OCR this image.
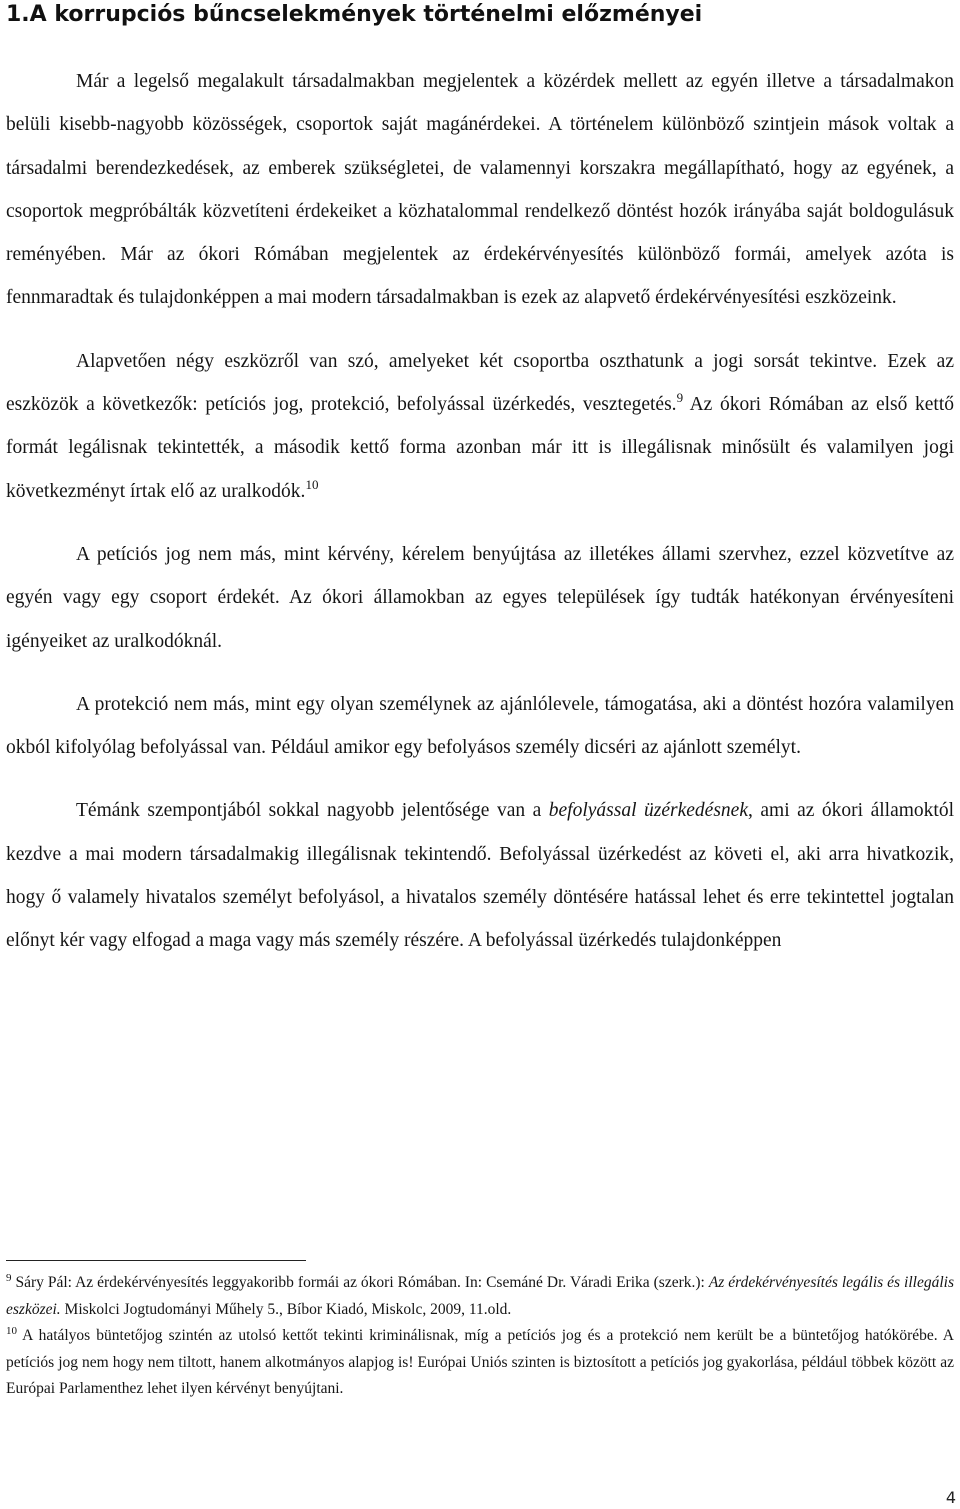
1.A korrupciós bűncselekmények történelmi előzményei

Már a legelső megalakult társadalmakban megjelentek a közérdek mellett az egyén illetve a társadalmakon belüli kisebb-nagyobb közösségek, csoportok saját magánérdekei. A történelem különböző szintjein mások voltak a társadalmi berendezkedések, az emberek szükségletei, de valamennyi korszakra megállapítható, hogy az egyének, a csoportok megpróbálták közvetíteni érdekeiket a közhatalommal rendelkező döntést hozók irányába saját boldogulásuk reményében. Már az ókori Rómában megjelentek az érdekérvényesítés különböző formái, amelyek azóta is fennmaradtak és tulajdonképpen a mai modern társadalmakban is ezek az alapvető érdekérvényesítési eszközeink.

Alapvetően négy eszközről van szó, amelyeket két csoportba oszthatunk a jogi sorsát tekintve. Ezek az eszközök a következők: petíciós jog, protekció, befolyással üzérkedés, vesztegetés.$^9$ Az ókori Rómában az első kettő formát legálisnak tekintették, a második kettő forma azonban már itt is illegálisnak minősült és valamilyen jogi következményt írtak elő az uralkodók.$^{10}$

A petíciós jog nem más, mint kérvény, kérelem benyújtása az illetékes állami szervhez, ezzel közvetítve az egyén vagy egy csoport érdekét. Az ókori államokban az egyes települések így tudták hatékonyan érvényesíteni igényeiket az uralkodóknál.

A protekció nem más, mint egy olyan személynek az ajánlólevele, támogatása, aki a döntést hozóra valamilyen okból kifolyólag befolyással van. Például amikor egy befolyásos személy dicséri az ajánlott személyt.

Témánk szempontjából sokkal nagyobb jelentősége van a befolyással üzérkedésnek, ami az ókori államoktól kezdve a mai modern társadalmakig illegálisnak tekintendő. Befolyással üzérkedést az követi el, aki arra hivatkozik, hogy ő valamely hivatalos személyt befolyásol, a hivatalos személy döntésére hatással lehet és erre tekintettel jogtalan előnyt kér vagy elfogad a maga vagy más személy részére. A befolyással üzérkedés tulajdonképpen

$^9$ Sáry Pál: Az érdekérvényesítés leggyakoribb formái az ókori Rómában. In: Csemáné Dr. Váradi Erika (szerk.): Az érdekérvényesítés legális és illegális eszközei. Miskolci Jogtudományi Műhely 5., Bíbor Kiadó, Miskolc, 2009, 11.old.

$^{10}$ A hatályos büntetőjog szintén az utolsó kettőt tekinti kriminálisnak, míg a petíciós jog és a protekció nem került be a büntetőjog hatókörébe. A petíciós jog nem hogy nem tiltott, hanem alkotmányos alapjog is! Európai Uniós szinten is biztosított a petíciós jog gyakorlása, például többek között az Európai Parlamenthez lehet ilyen kérvényt benyújtani.

4
